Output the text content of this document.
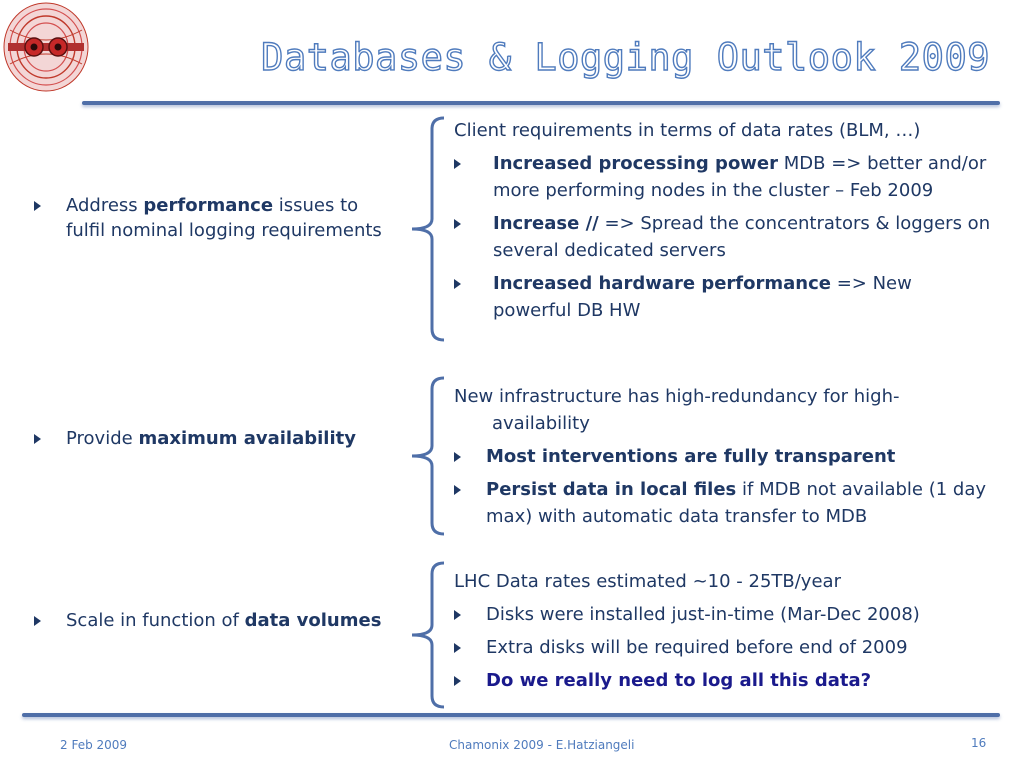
Databases & Logging Outlook 2009
Address performance issues to fulfil nominal logging requirements
Provide maximum availability
Scale in function of data volumes

Client requirements in terms of data rates (BLM, …)

Increased processing power MDB => better and/or more performing nodes in the cluster – Feb 2009
Increase // => Spread the concentrators & loggers on several dedicated servers
Increased hardware performance => New powerful DB HW

New infrastructure has high-redundancy for high-availability

Most interventions are fully transparent
Persist data in local files if MDB not available (1 day max) with automatic data transfer to MDB

LHC Data rates estimated ~10 - 25TB/year

Disks were installed just-in-time (Mar-Dec 2008)
Extra disks will be required before end of 2009
Do we really need to log all this data?
2 Feb 2009	Chamonix 2009 - E.Hatziangeli	16
